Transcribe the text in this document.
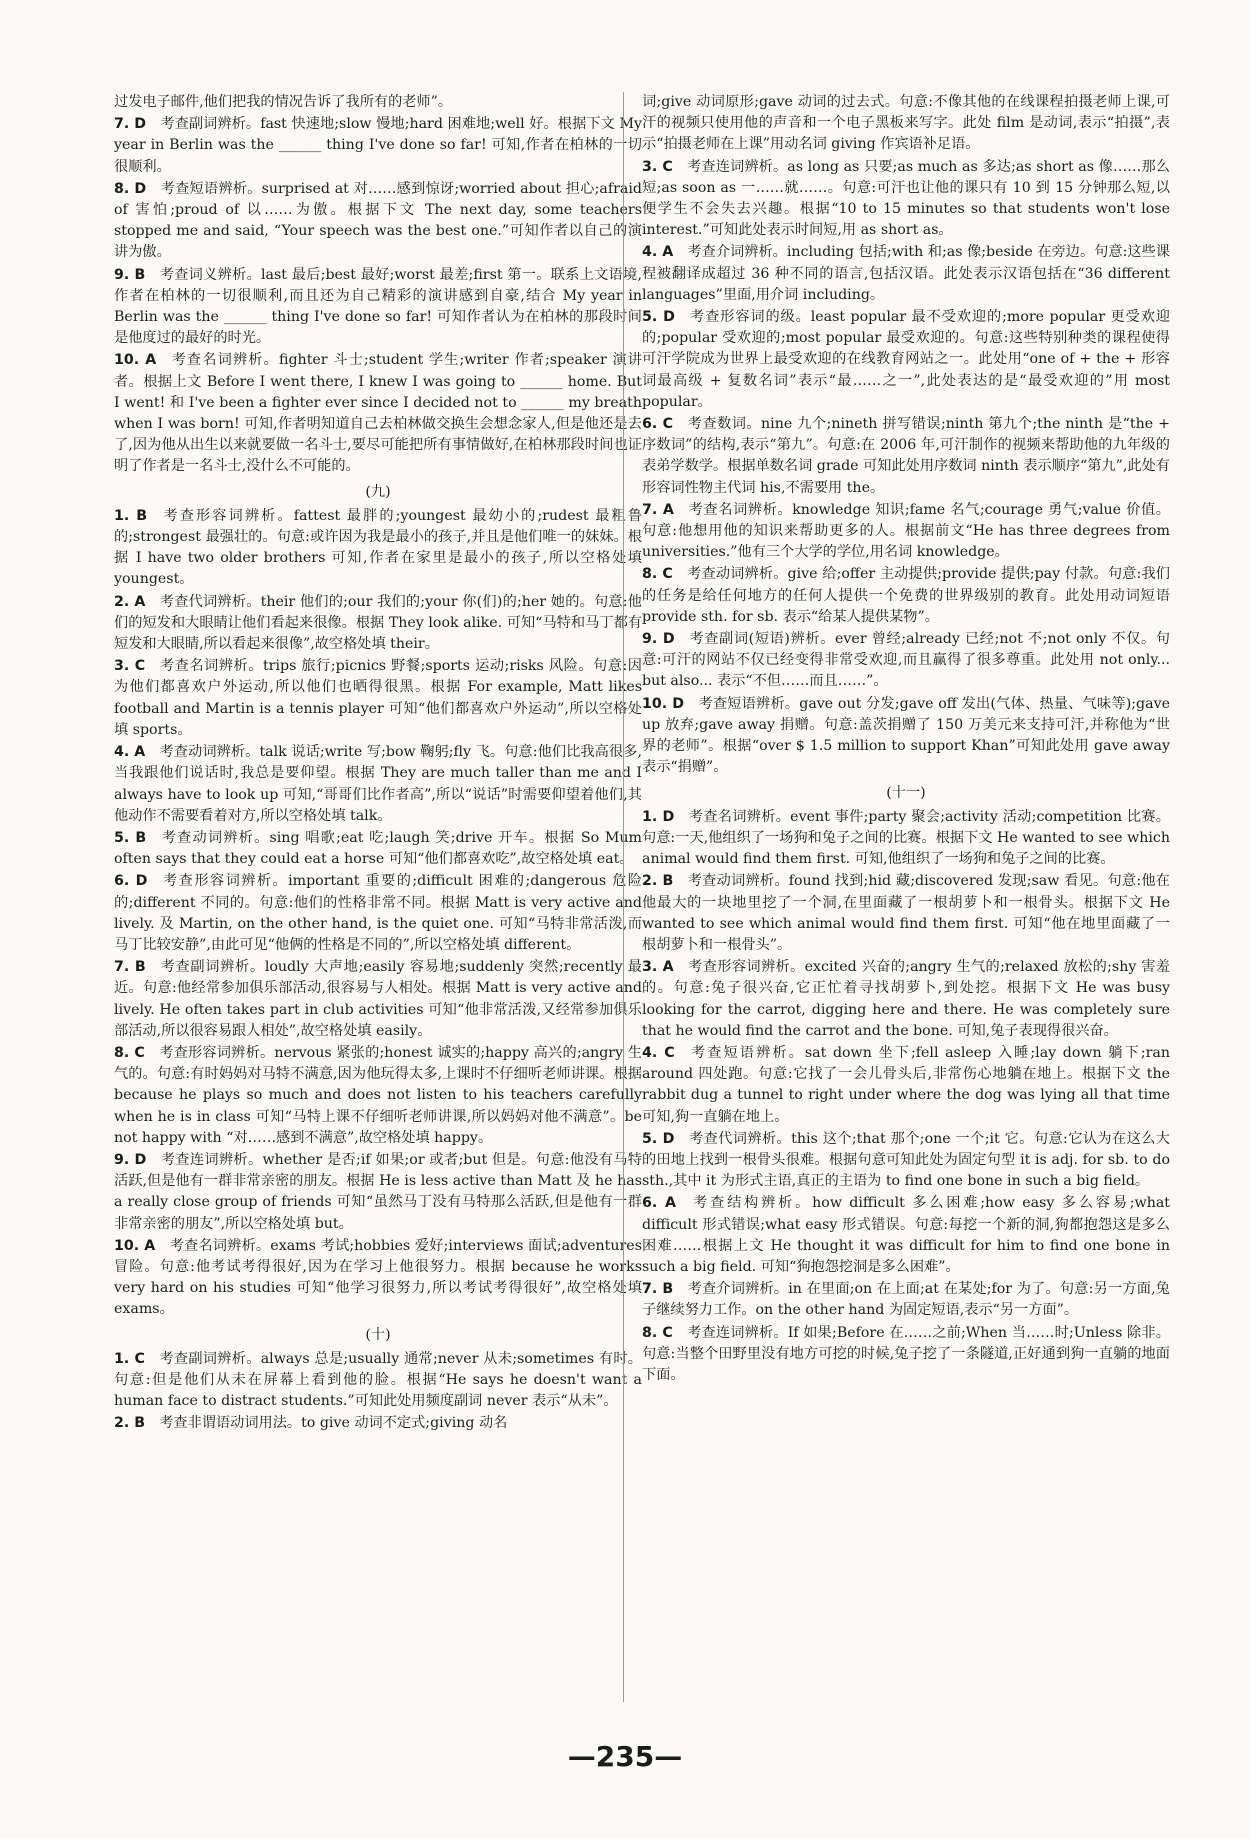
过发电子邮件,他们把我的情况告诉了我所有的老师”。

7. D  考查副词辨析。fast 快速地;slow 慢地;hard 困难地;well 好。根据下文 My year in Berlin was the ______ thing I've done so far! 可知,作者在柏林的一切很顺利。

8. D  考查短语辨析。surprised at 对……感到惊讶;worried about 担心;afraid of 害怕;proud of 以……为傲。根据下文 The next day, some teachers stopped me and said, “Your speech was the best one.”可知作者以自己的演讲为傲。

9. B  考查词义辨析。last 最后;best 最好;worst 最差;first 第一。联系上文语境,作者在柏林的一切很顺利,而且还为自己精彩的演讲感到自豪,结合 My year in Berlin was the ______ thing I've done so far! 可知作者认为在柏林的那段时间是他度过的最好的时光。

10. A  考查名词辨析。fighter 斗士;student 学生;writer 作者;speaker 演讲者。根据上文 Before I went there, I knew I was going to ______ home. But I went! 和 I've been a fighter ever since I decided not to ______ my breath when I was born! 可知,作者明知道自己去柏林做交换生会想念家人,但是他还是去了,因为他从出生以来就要做一名斗士,要尽可能把所有事情做好,在柏林那段时间也证明了作者是一名斗士,没什么不可能的。

(九)

1. B  考查形容词辨析。fattest 最胖的;youngest 最幼小的;rudest 最粗鲁的;strongest 最强壮的。句意:或许因为我是最小的孩子,并且是他们唯一的妹妹。根据 I have two older brothers 可知,作者在家里是最小的孩子,所以空格处填 youngest。

2. A  考查代词辨析。their 他们的;our 我们的;your 你(们)的;her 她的。句意:他们的短发和大眼睛让他们看起来很像。根据 They look alike. 可知“马特和马丁都有短发和大眼睛,所以看起来很像”,故空格处填 their。

3. C  考查名词辨析。trips 旅行;picnics 野餐;sports 运动;risks 风险。句意:因为他们都喜欢户外运动,所以他们也晒得很黑。根据 For example, Matt likes football and Martin is a tennis player 可知“他们都喜欢户外运动”,所以空格处填 sports。

4. A  考查动词辨析。talk 说话;write 写;bow 鞠躬;fly 飞。句意:他们比我高很多,当我跟他们说话时,我总是要仰望。根据 They are much taller than me and I always have to look up 可知,“哥哥们比作者高”,所以“说话”时需要仰望着他们,其他动作不需要看着对方,所以空格处填 talk。

5. B  考查动词辨析。sing 唱歌;eat 吃;laugh 笑;drive 开车。根据 So Mum often says that they could eat a horse 可知“他们都喜欢吃”,故空格处填 eat。

6. D  考查形容词辨析。important 重要的;difficult 困难的;dangerous 危险的;different 不同的。句意:他们的性格非常不同。根据 Matt is very active and lively. 及 Martin, on the other hand, is the quiet one. 可知“马特非常活泼,而马丁比较安静”,由此可见“他俩的性格是不同的”,所以空格处填 different。

7. B  考查副词辨析。loudly 大声地;easily 容易地;suddenly 突然;recently 最近。句意:他经常参加俱乐部活动,很容易与人相处。根据 Matt is very active and lively. He often takes part in club activities 可知“他非常活泼,又经常参加俱乐部活动,所以很容易跟人相处”,故空格处填 easily。

8. C  考查形容词辨析。nervous 紧张的;honest 诚实的;happy 高兴的;angry 生气的。句意:有时妈妈对马特不满意,因为他玩得太多,上课时不仔细听老师讲课。根据 because he plays so much and does not listen to his teachers carefully when he is in class 可知“马特上课不仔细听老师讲课,所以妈妈对他不满意”。be not happy with “对……感到不满意”,故空格处填 happy。

9. D  考查连词辨析。whether 是否;if 如果;or 或者;but 但是。句意:他没有马特活跃,但是他有一群非常亲密的朋友。根据 He is less active than Matt 及 he has a really close group of friends 可知“虽然马丁没有马特那么活跃,但是他有一群非常亲密的朋友”,所以空格处填 but。

10. A  考查名词辨析。exams 考试;hobbies 爱好;interviews 面试;adventures 冒险。句意:他考试考得很好,因为在学习上他很努力。根据 because he works very hard on his studies 可知“他学习很努力,所以考试考得很好”,故空格处填 exams。

(十)

1. C  考查副词辨析。always 总是;usually 通常;never 从未;sometimes 有时。句意:但是他们从未在屏幕上看到他的脸。根据“He says he doesn't want a human face to distract students.”可知此处用频度副词 never 表示“从未”。

2. B  考查非谓语动词用法。to give 动词不定式;giving 动名

词;give 动词原形;gave 动词的过去式。句意:不像其他的在线课程拍摄老师上课,可汗的视频只使用他的声音和一个电子黑板来写字。此处 film 是动词,表示“拍摄”,表示“拍摄老师在上课”用动名词 giving 作宾语补足语。

3. C  考查连词辨析。as long as 只要;as much as 多达;as short as 像……那么短;as soon as 一……就……。句意:可汗也让他的课只有 10 到 15 分钟那么短,以便学生不会失去兴趣。根据“10 to 15 minutes so that students won't lose interest.”可知此处表示时间短,用 as short as。

4. A  考查介词辨析。including 包括;with 和;as 像;beside 在旁边。句意:这些课程被翻译成超过 36 种不同的语言,包括汉语。此处表示汉语包括在“36 different languages”里面,用介词 including。

5. D  考查形容词的级。least popular 最不受欢迎的;more popular 更受欢迎的;popular 受欢迎的;most popular 最受欢迎的。句意:这些特别种类的课程使得可汗学院成为世界上最受欢迎的在线教育网站之一。此处用“one of + the + 形容词最高级 + 复数名词”表示“最……之一”,此处表达的是“最受欢迎的”用 most popular。

6. C  考查数词。nine 九个;nineth 拼写错误;ninth 第九个;the ninth 是“the + 序数词”的结构,表示“第九”。句意:在 2006 年,可汗制作的视频来帮助他的九年级的表弟学数学。根据单数名词 grade 可知此处用序数词 ninth 表示顺序“第九”,此处有形容词性物主代词 his,不需要用 the。

7. A  考查名词辨析。knowledge 知识;fame 名气;courage 勇气;value 价值。句意:他想用他的知识来帮助更多的人。根据前文“He has three degrees from universities.”他有三个大学的学位,用名词 knowledge。

8. C  考查动词辨析。give 给;offer 主动提供;provide 提供;pay 付款。句意:我们的任务是给任何地方的任何人提供一个免费的世界级别的教育。此处用动词短语 provide sth. for sb. 表示“给某人提供某物”。

9. D  考查副词(短语)辨析。ever 曾经;already 已经;not 不;not only 不仅。句意:可汗的网站不仅已经变得非常受欢迎,而且赢得了很多尊重。此处用 not only... but also... 表示“不但……而且……”。

10. D  考查短语辨析。gave out 分发;gave off 发出(气体、热量、气味等);gave up 放弃;gave away 捐赠。句意:盖茨捐赠了 150 万美元来支持可汗,并称他为“世界的老师”。根据“over $ 1.5 million to support Khan”可知此处用 gave away 表示“捐赠”。

(十一)

1. D  考查名词辨析。event 事件;party 聚会;activity 活动;competition 比赛。句意:一天,他组织了一场狗和兔子之间的比赛。根据下文 He wanted to see which animal would find them first. 可知,他组织了一场狗和兔子之间的比赛。

2. B  考查动词辨析。found 找到;hid 藏;discovered 发现;saw 看见。句意:他在他最大的一块地里挖了一个洞,在里面藏了一根胡萝卜和一根骨头。根据下文 He wanted to see which animal would find them first. 可知“他在地里面藏了一根胡萝卜和一根骨头”。

3. A  考查形容词辨析。excited 兴奋的;angry 生气的;relaxed 放松的;shy 害羞的。句意:兔子很兴奋,它正忙着寻找胡萝卜,到处挖。根据下文 He was busy looking for the carrot, digging here and there. He was completely sure that he would find the carrot and the bone. 可知,兔子表现得很兴奋。

4. C  考查短语辨析。sat down 坐下;fell asleep 入睡;lay down 躺下;ran around 四处跑。句意:它找了一会儿骨头后,非常伤心地躺在地上。根据下文 the rabbit dug a tunnel to right under where the dog was lying all that time 可知,狗一直躺在地上。

5. D  考查代词辨析。this 这个;that 那个;one 一个;it 它。句意:它认为在这么大的田地上找到一根骨头很难。根据句意可知此处为固定句型 it is adj. for sb. to do sth.,其中 it 为形式主语,真正的主语为 to find one bone in such a big field。

6. A  考查结构辨析。how difficult 多么困难;how easy 多么容易;what difficult 形式错误;what easy 形式错误。句意:每挖一个新的洞,狗都抱怨这是多么困难……根据上文 He thought it was difficult for him to find one bone in such a big field. 可知“狗抱怨挖洞是多么困难”。

7. B  考查介词辨析。in 在里面;on 在上面;at 在某处;for 为了。句意:另一方面,兔子继续努力工作。on the other hand 为固定短语,表示“另一方面”。

8. C  考查连词辨析。If 如果;Before 在……之前;When 当……时;Unless 除非。句意:当整个田野里没有地方可挖的时候,兔子挖了一条隧道,正好通到狗一直躺的地面下面。

—235—
